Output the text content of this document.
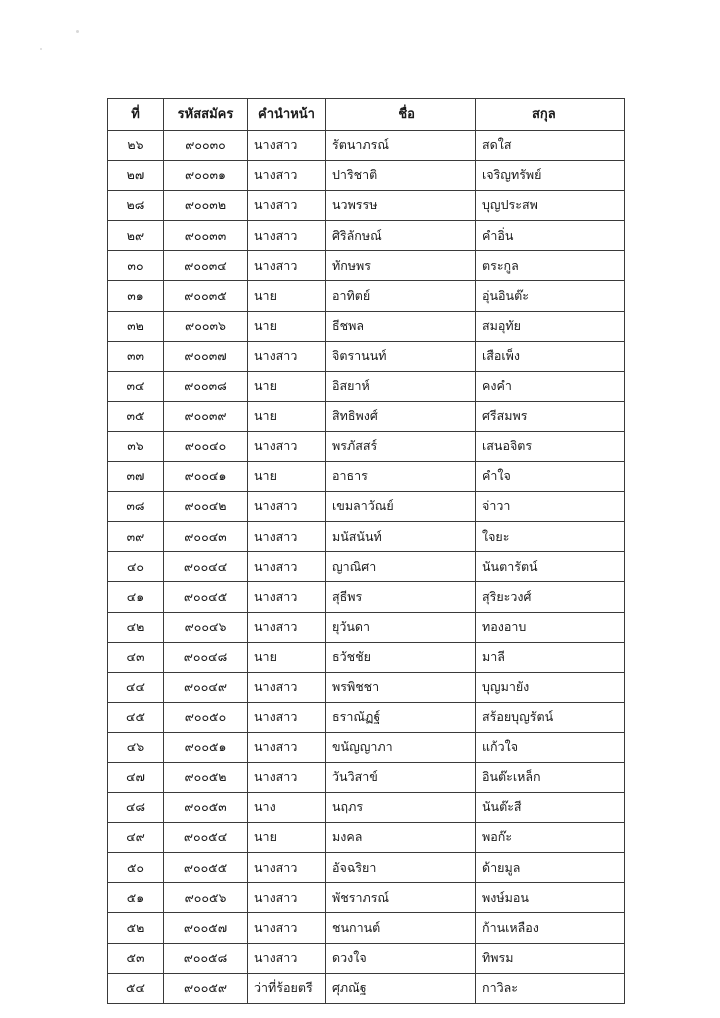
ที่	รหัสสมัคร	คำนำหน้า	ชื่อ	สกุล
๒๖	๙๐๐๓๐	นางสาว	รัตนาภรณ์	สดใส
๒๗	๙๐๐๓๑	นางสาว	ปาริชาติ	เจริญทรัพย์
๒๘	๙๐๐๓๒	นางสาว	นวพรรษ	บุญประสพ
๒๙	๙๐๐๓๓	นางสาว	ศิริลักษณ์	คำอิ่น
๓๐	๙๐๐๓๔	นางสาว	ทักษพร	ตระกูล
๓๑	๙๐๐๓๕	นาย	อาทิตย์	อุ่นอินต๊ะ
๓๒	๙๐๐๓๖	นาย	ธีชพล	สมอุทัย
๓๓	๙๐๐๓๗	นางสาว	จิตรานนท์	เสือเพ็ง
๓๔	๙๐๐๓๘	นาย	อิสยาห์	คงคำ
๓๕	๙๐๐๓๙	นาย	สิทธิพงศ์	ศรีสมพร
๓๖	๙๐๐๔๐	นางสาว	พรภัสสร์	เสนอจิตร
๓๗	๙๐๐๔๑	นาย	อาธาร	คำใจ
๓๘	๙๐๐๔๒	นางสาว	เขมลาวัณย์	จ่าวา
๓๙	๙๐๐๔๓	นางสาว	มนัสนันท์	ใจยะ
๔๐	๙๐๐๔๔	นางสาว	ญาณิศา	นันตารัตน์
๔๑	๙๐๐๔๕	นางสาว	สุธีพร	สุริยะวงศ์
๔๒	๙๐๐๔๖	นางสาว	ยุวันดา	ทองอาบ
๔๓	๙๐๐๔๘	นาย	ธวัชชัย	มาลี
๔๔	๙๐๐๔๙	นางสาว	พรพิชชา	บุญมายัง
๔๕	๙๐๐๕๐	นางสาว	ธราณัฏฐ์	สร้อยบุญรัตน์
๔๖	๙๐๐๕๑	นางสาว	ขนัญญาภา	แก้วใจ
๔๗	๙๐๐๕๒	นางสาว	วันวิสาข์	อินต๊ะเหล็ก
๔๘	๙๐๐๕๓	นาง	นฤภร	นันต๊ะสี
๔๙	๙๐๐๕๔	นาย	มงคล	พอก๊ะ
๕๐	๙๐๐๕๕	นางสาว	อัจฉริยา	ด้ายมูล
๕๑	๙๐๐๕๖	นางสาว	พัชราภรณ์	พงษ์มอน
๕๒	๙๐๐๕๗	นางสาว	ชนกานต์	ก้านเหลือง
๕๓	๙๐๐๕๘	นางสาว	ดวงใจ	ทิพรม
๕๔	๙๐๐๕๙	ว่าที่ร้อยตรี	ศุภณัฐ	กาวิละ
